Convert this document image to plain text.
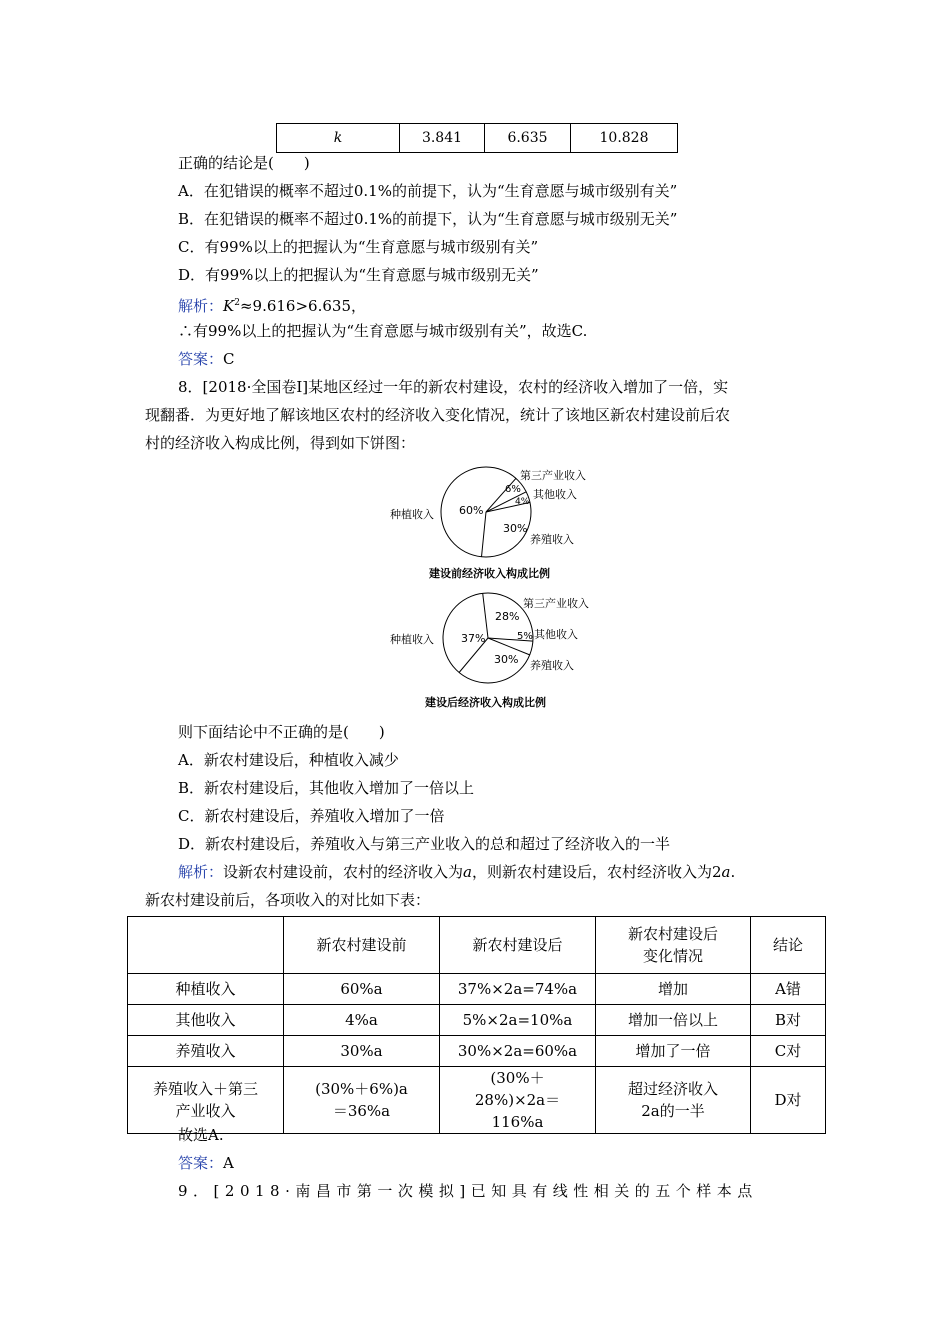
k	3.841	6.635	10.828
正确的结论是(　　)
A．在犯错误的概率不超过0.1%的前提下，认为“生育意愿与城市级别有关”
B．在犯错误的概率不超过0.1%的前提下，认为“生育意愿与城市级别无关”
C．有99%以上的把握认为“生育意愿与城市级别有关”
D．有99%以上的把握认为“生育意愿与城市级别无关”
解析：$K^2\approx 9.616>6.635$，
∴有99%以上的把握认为“生育意愿与城市级别有关”，故选C.
答案：C
8．[2018·全国卷Ⅰ]某地区经过一年的新农村建设，农村的经济收入增加了一倍，实
现翻番．为更好地了解该地区农村的经济收入变化情况，统计了该地区新农村建设前后农
村的经济收入构成比例，得到如下饼图：
种植收入
第三产业收入
其他收入
养殖收入
60%
6%
4%
30%
建设前经济收入构成比例
种植收入
第三产业收入
其他收入
养殖收入
37%
28%
5%
30%
建设后经济收入构成比例
则下面结论中不正确的是(　　)
A．新农村建设后，种植收入减少
B．新农村建设后，其他收入增加了一倍以上
C．新农村建设后，养殖收入增加了一倍
D．新农村建设后，养殖收入与第三产业收入的总和超过了经济收入的一半
解析：设新农村建设前，农村的经济收入为a，则新农村建设后，农村经济收入为2a.
新农村建设前后，各项收入的对比如下表：
	新农村建设前	新农村建设后	新农村建设后变化情况	结论
种植收入	60%a	37%×2a=74%a	增加	A错
其他收入	4%a	5%×2a=10%a	增加一倍以上	B对
养殖收入	30%a	30%×2a=60%a	增加了一倍	C对
养殖收入＋第三产业收入	(30%＋6%)a＝36%a	(30%＋28%)×2a＝116%a	超过经济收入2a的一半	D对
故选A.
答案：A
9．[2018·南昌市第一次模拟]已知具有线性相关的五个样本点
